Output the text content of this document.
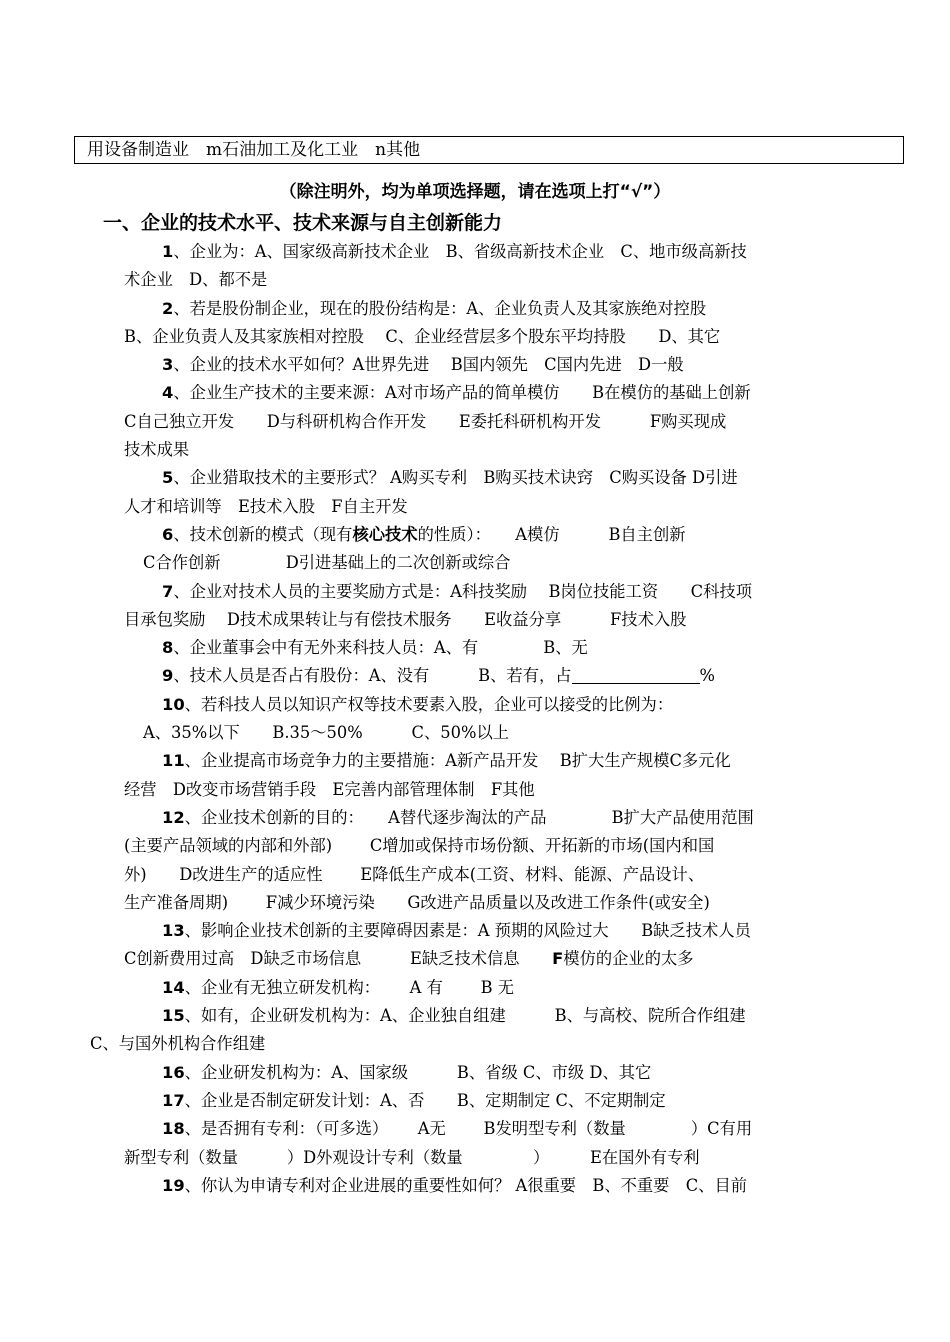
用设备制造业　m石油加工及化工业　n其他
（除注明外，均为单项选择题，请在选项上打“√”）
一、企业的技术水平、技术来源与自主创新能力
1、企业为：A、国家级高新技术企业　B、省级高新技术企业　C、地市级高新技
术企业　D、都不是
2、若是股份制企业，现在的股份结构是：A、企业负责人及其家族绝对控股
B、企业负责人及其家族相对控股　 C、企业经营层多个股东平均持股　　D、其它
3、企业的技术水平如何？A世界先进　 B国内领先　C国内先进　D一般
4、企业生产技术的主要来源：A对市场产品的简单模仿　　B在模仿的基础上创新
C自己独立开发　　D与科研机构合作开发　　E委托科研机构开发　　　F购买现成
技术成果
5、企业猎取技术的主要形式？ A购买专利　B购买技术诀窍　C购买设备 D引进
人才和培训等　E技术入股　F自主开发
6、技术创新的模式（现有核心技术的性质）：　　A模仿　　　B自主创新
C合作创新　　　　D引进基础上的二次创新或综合
7、企业对技术人员的主要奖励方式是：A科技奖励　 B岗位技能工资　　C科技项
目承包奖励　 D技术成果转让与有偿技术服务　　E收益分享　　　F技术入股
8、企业董事会中有无外来科技人员：A、有　　　　B、无
9、技术人员是否占有股份：A、没有　　　B、若有，占	%
10、若科技人员以知识产权等技术要素入股，企业可以接受的比例为：
A、35%以下　　B.35～50%　　　C、50%以上
11、企业提高市场竞争力的主要措施：A新产品开发　 B扩大生产规模C多元化
经营　D改变市场营销手段　E完善内部管理体制　F其他
12、企业技术创新的目的：　　A替代逐步淘汰的产品　　　　B扩大产品使用范围
(主要产品领域的内部和外部)　　 C增加或保持市场份额、开拓新的市场(国内和国
外)　　D改进生产的适应性　　 E降低生产成本(工资、材料、能源、产品设计、
生产准备周期)　　 F减少环境污染　　G改进产品质量以及改进工作条件(或安全)
13、影响企业技术创新的主要障碍因素是：A 预期的风险过大　　B缺乏技术人员
C创新费用过高　D缺乏市场信息　　　E缺乏技术信息　　F模仿的企业的太多
14、企业有无独立研发机构：　　 A 有　　 B 无
15、如有，企业研发机构为：A、企业独自组建　　　B、与高校、院所合作组建
C、与国外机构合作组建
16、企业研发机构为：A、国家级　　　B、省级 C、市级 D、其它
17、企业是否制定研发计划：A、否　　B、定期制定 C、不定期制定
18、是否拥有专利：（可多选）　　 A无　　 B发明型专利（数量　　　　）C有用
新型专利（数量　　　）D外观设计专利（数量　　　　 ）　　　E在国外有专利
19、你认为申请专利对企业进展的重要性如何？ A很重要　B、不重要　C、目前
